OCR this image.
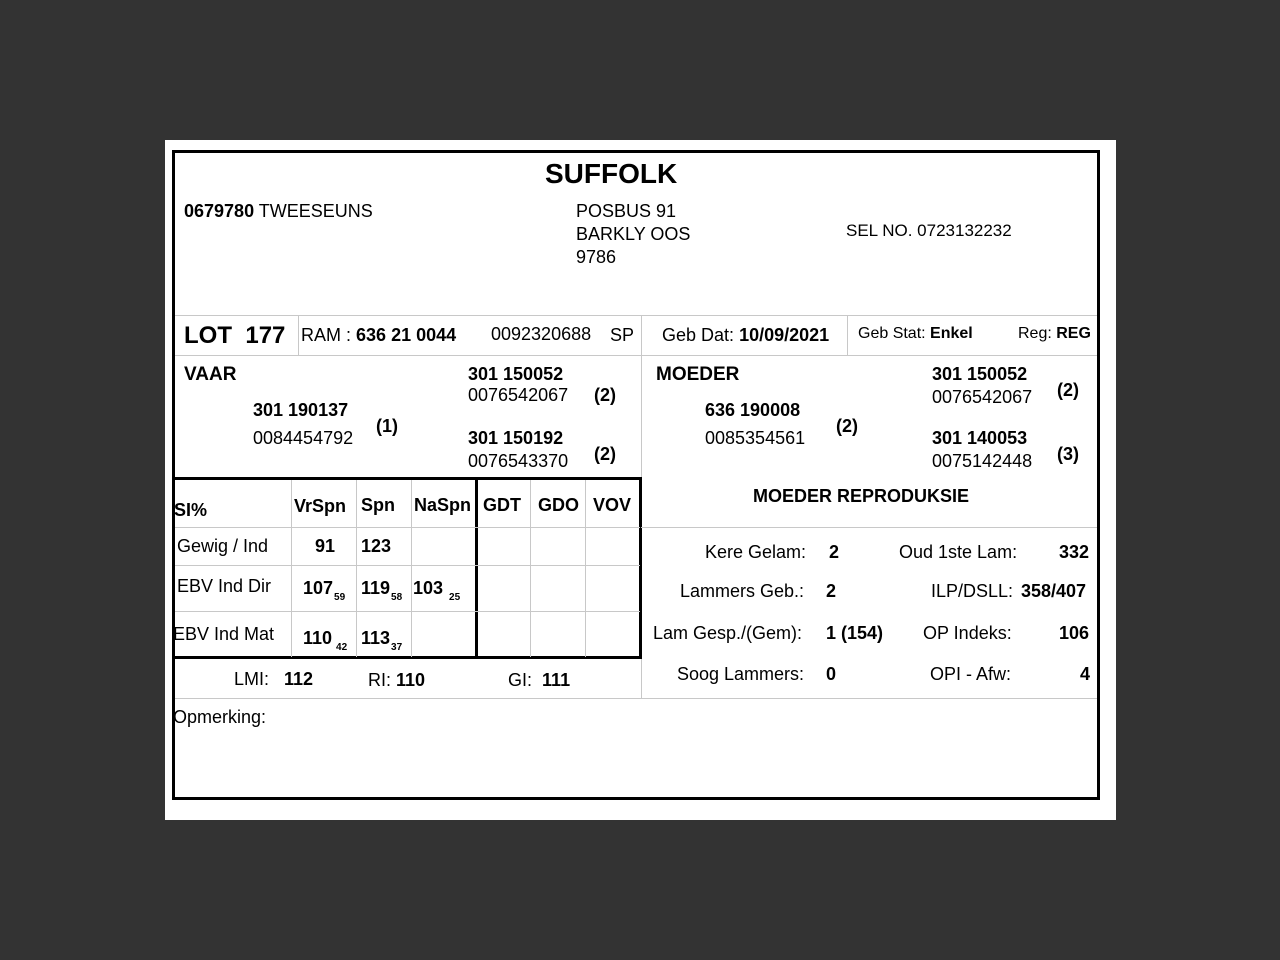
SUFFOLK
0679780 TWEESEUNS	POSBUS 91
BARKLY OOS
9786
SEL NO. 0723132232
LOT 177 RAM : 636 21 0044 0092320688 SP Geb Dat: 10/09/2021 Geb Stat: Enkel	Reg: REG
VAAR
301 190137
0084454792
(1)
301 150052
0076542067 (2)
301 150192
0076543370 (2)
MOEDER
636 190008
0085354561
(2)
301 150052
0076542067 (2)
301 140053
0075142448 (3)
SI%	VrSpn Spn NaSpn GDT GDO VOV
Gewig / Ind	91 123
EBV Ind Dir $107_{59}$ $119_{58}$ 103 $_{25}$
EBV Ind Mat 110 $_{42}$ $113_{37}$
LMI: 112	RI: 110	GI: 111
MOEDER REPRODUKSIE
Kere Gelam: 2	Oud 1ste Lam: 332
Lammers Geb.: 2	ILP/DSLL: 358/407
Lam Gesp./(Gem): 1 (154) OP Indeks:	106
Soog Lammers: 0	OPI - Afw:	4
Opmerking:
